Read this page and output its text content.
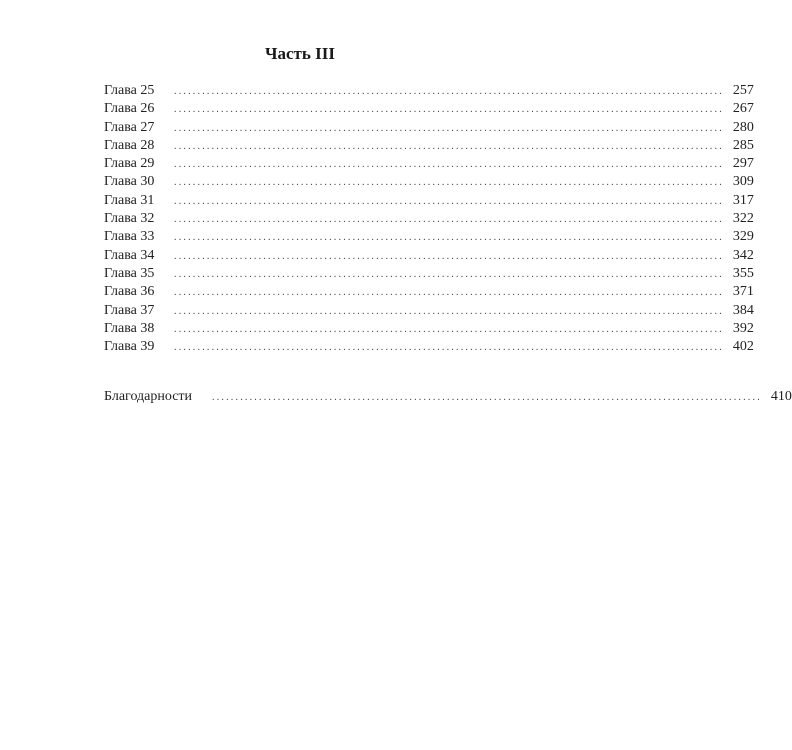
Часть III
Глава 25	..................................................................................................................... 257
Глава 26	..................................................................................................................... 267
Глава 27	..................................................................................................................... 280
Глава 28	..................................................................................................................... 285
Глава 29	..................................................................................................................... 297
Глава 30	..................................................................................................................... 309
Глава 31	..................................................................................................................... 317
Глава 32	..................................................................................................................... 322
Глава 33	..................................................................................................................... 329
Глава 34	..................................................................................................................... 342
Глава 35	..................................................................................................................... 355
Глава 36	..................................................................................................................... 371
Глава 37	..................................................................................................................... 384
Глава 38	..................................................................................................................... 392
Глава 39	..................................................................................................................... 402
Благодарности	..................................................................................................................... 410
